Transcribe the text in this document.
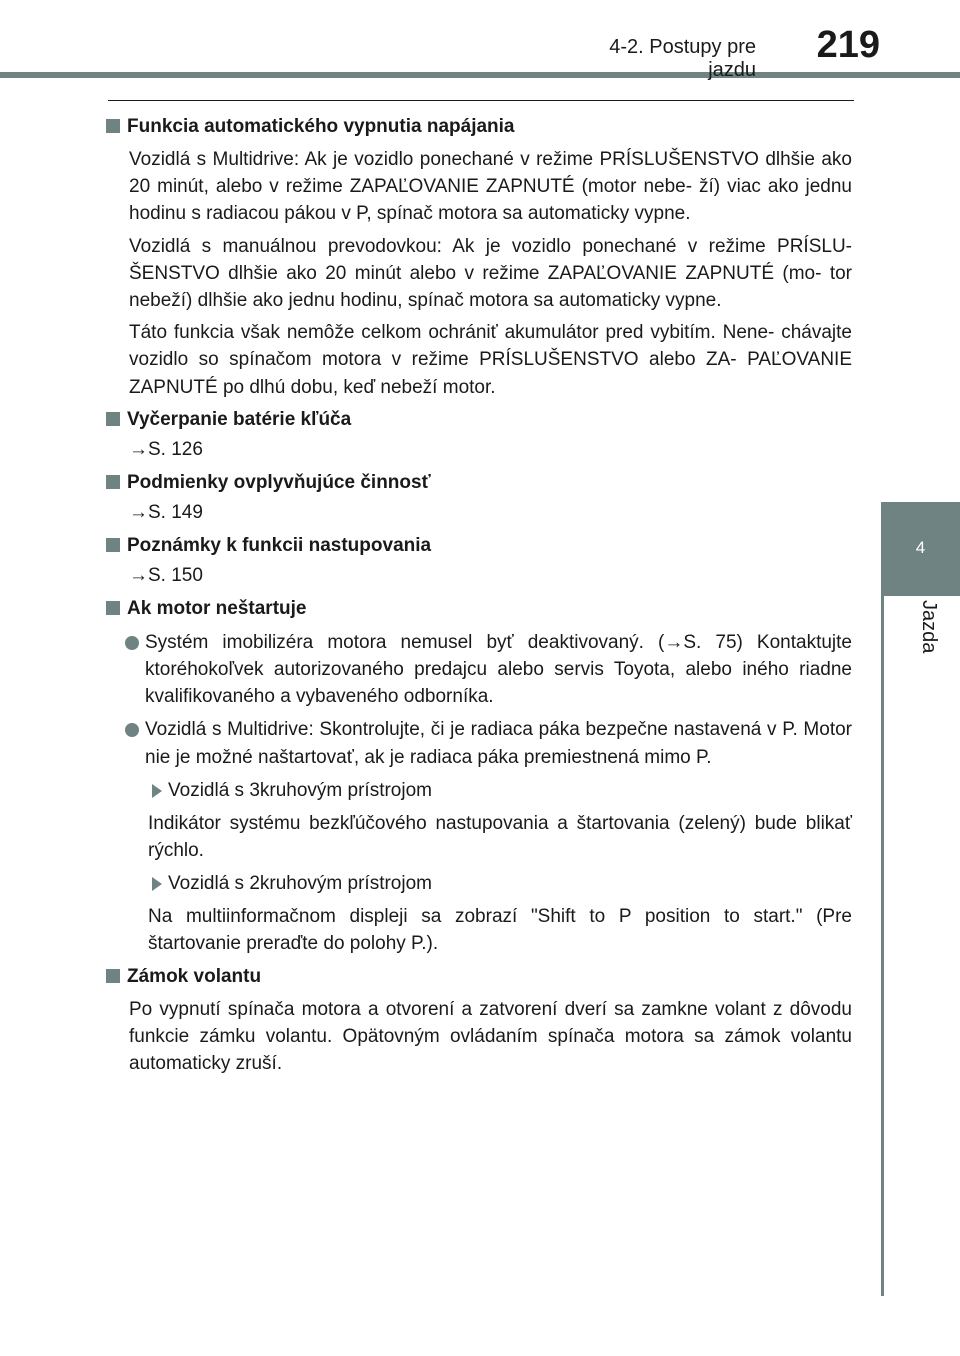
4-2. Postupy pre jazdu
219
4
Jazda
Funkcia automatického vypnutia napájania
Vozidlá s Multidrive: Ak je vozidlo ponechané v režime PRÍSLUŠENSTVO dlhšie ako 20 minút, alebo v režime ZAPAĽOVANIE ZAPNUTÉ (motor nebe- ží) viac ako jednu hodinu s radiacou pákou v P, spínač motora sa automaticky vypne.
Vozidlá s manuálnou prevodovkou: Ak je vozidlo ponechané v režime PRÍSLU- ŠENSTVO dlhšie ako 20 minút alebo v režime ZAPAĽOVANIE ZAPNUTÉ (mo- tor nebeží) dlhšie ako jednu hodinu, spínač motora sa automaticky vypne.
Táto funkcia však nemôže celkom ochrániť akumulátor pred vybitím. Nene- chávajte vozidlo so spínačom motora v režime PRÍSLUŠENSTVO alebo ZA- PAĽOVANIE ZAPNUTÉ po dlhú dobu, keď nebeží motor.
Vyčerpanie batérie kľúča
→S. 126
Podmienky ovplyvňujúce činnosť
→S. 149
Poznámky k funkcii nastupovania
→S. 150
Ak motor neštartuje
Systém imobilizéra motora nemusel byť deaktivovaný. (→S. 75) Kontaktujte ktoréhokoľvek autorizovaného predajcu alebo servis Toyota, alebo iného riadne kvalifikovaného a vybaveného odborníka.
Vozidlá s Multidrive: Skontrolujte, či je radiaca páka bezpečne nastavená v P. Motor nie je možné naštartovať, ak je radiaca páka premiestnená mimo P.
Vozidlá s 3kruhovým prístrojom
Indikátor systému bezkľúčového nastupovania a štartovania (zelený) bude blikať rýchlo.
Vozidlá s 2kruhovým prístrojom
Na multiinformačnom displeji sa zobrazí "Shift to P position to start." (Pre štartovanie preraďte do polohy P.).
Zámok volantu
Po vypnutí spínača motora a otvorení a zatvorení dverí sa zamkne volant z dôvodu funkcie zámku volantu. Opätovným ovládaním spínača motora sa zámok volantu automaticky zruší.
